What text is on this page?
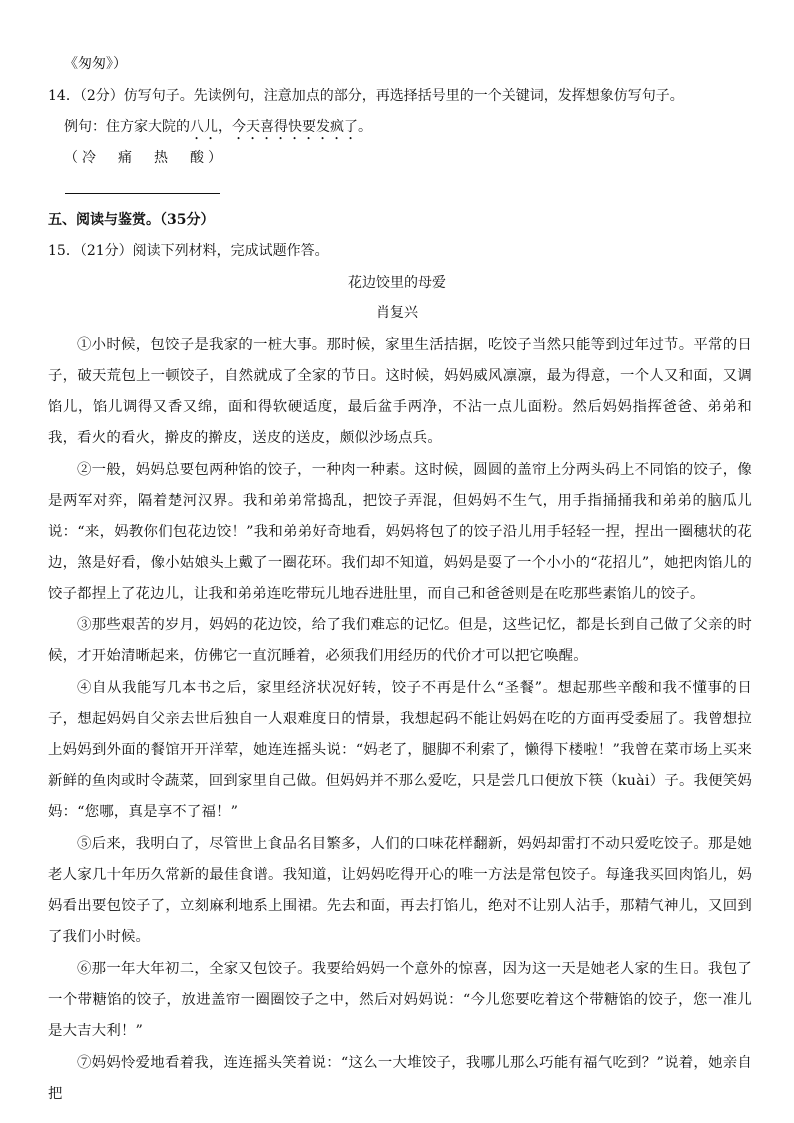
《匆匆》）
14．（2分）仿写句子。先读例句，注意加点的部分，再选择括号里的一个关键词，发挥想象仿写句子。
例句：住方家大院的八儿，今天喜得快要发疯了。
（冷　痛　热　酸）
五、阅读与鉴赏。（35分）
15．（21分）阅读下列材料，完成试题作答。
花边饺里的母爱
肖复兴
①小时候，包饺子是我家的一桩大事。那时候，家里生活拮据，吃饺子当然只能等到过年过节。平常的日子，破天荒包上一顿饺子，自然就成了全家的节日。这时候，妈妈威风凛凛，最为得意，一个人又和面，又调馅儿，馅儿调得又香又绵，面和得软硬适度，最后盆手两净，不沾一点儿面粉。然后妈妈指挥爸爸、弟弟和我，看火的看火，擀皮的擀皮，送皮的送皮，颇似沙场点兵。
②一般，妈妈总要包两种馅的饺子，一种肉一种素。这时候，圆圆的盖帘上分两头码上不同馅的饺子，像是两军对弈，隔着楚河汉界。我和弟弟常捣乱，把饺子弄混，但妈妈不生气，用手指捅捅我和弟弟的脑瓜儿说：“来，妈教你们包花边饺！”我和弟弟好奇地看，妈妈将包了的饺子沿儿用手轻轻一捏，捏出一圈穗状的花边，煞是好看，像小姑娘头上戴了一圈花环。我们却不知道，妈妈是耍了一个小小的“花招儿”，她把肉馅儿的饺子都捏上了花边儿，让我和弟弟连吃带玩儿地吞进肚里，而自己和爸爸则是在吃那些素馅儿的饺子。
③那些艰苦的岁月，妈妈的花边饺，给了我们难忘的记忆。但是，这些记忆，都是长到自己做了父亲的时候，才开始清晰起来，仿佛它一直沉睡着，必须我们用经历的代价才可以把它唤醒。
④自从我能写几本书之后，家里经济状况好转，饺子不再是什么“圣餐”。想起那些辛酸和我不懂事的日子，想起妈妈自父亲去世后独自一人艰难度日的情景，我想起码不能让妈妈在吃的方面再受委屈了。我曾想拉上妈妈到外面的餐馆开开洋荤，她连连摇头说：“妈老了，腿脚不利索了，懒得下楼啦！”我曾在菜市场上买来新鲜的鱼肉或时令蔬菜，回到家里自己做。但妈妈并不那么爱吃，只是尝几口便放下筷（kuài）子。我便笑妈妈：“您哪，真是享不了福！”
⑤后来，我明白了，尽管世上食品名目繁多，人们的口味花样翻新，妈妈却雷打不动只爱吃饺子。那是她老人家几十年历久常新的最佳食谱。我知道，让妈妈吃得开心的唯一方法是常包饺子。每逢我买回肉馅儿，妈妈看出要包饺子了，立刻麻利地系上围裙。先去和面，再去打馅儿，绝对不让别人沾手，那精气神儿，又回到了我们小时候。
⑥那一年大年初二，全家又包饺子。我要给妈妈一个意外的惊喜，因为这一天是她老人家的生日。我包了一个带糖馅的饺子，放进盖帘一圈圈饺子之中，然后对妈妈说：“今儿您要吃着这个带糖馅的饺子，您一准儿是大吉大利！”
⑦妈妈怜爱地看着我，连连摇头笑着说：“这么一大堆饺子，我哪儿那么巧能有福气吃到？”说着，她亲自把
